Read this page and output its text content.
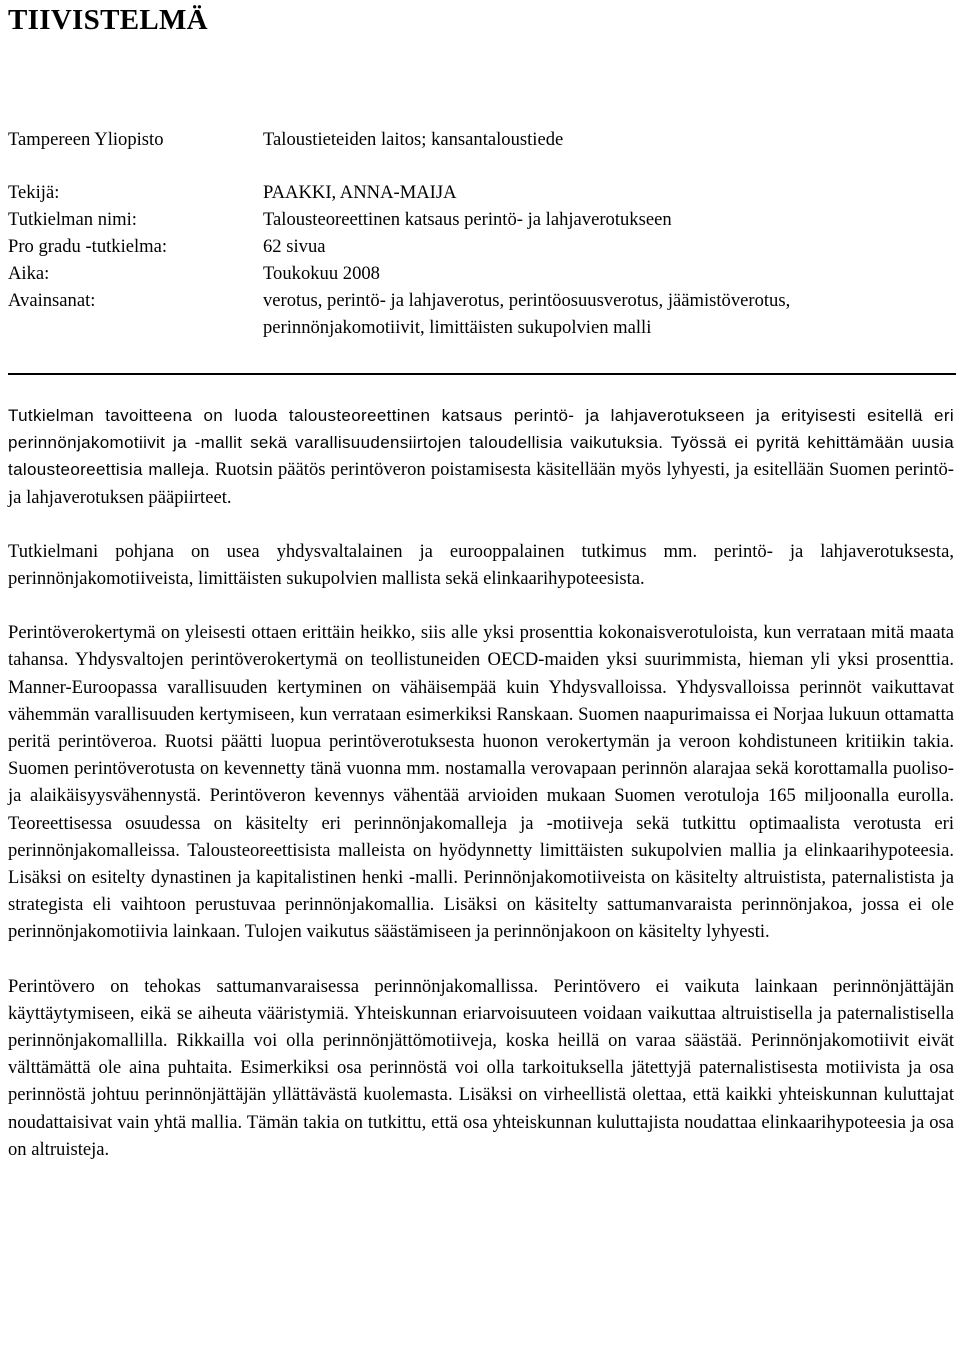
TIIVISTELMÄ
Tampereen Yliopisto	Taloustieteiden laitos; kansantaloustiede
Tekijä:	PAAKKI, ANNA-MAIJA
Tutkielman nimi:	Talousteoreettinen katsaus perintö- ja lahjaverotukseen
Pro gradu -tutkielma:	62 sivua
Aika:	Toukokuu 2008
Avainsanat:	verotus, perintö- ja lahjaverotus, perintöosuusverotus, jäämistöverotus, perinnönjakomotiivit, limittäisten sukupolvien malli

Tutkielman tavoitteena on luoda talousteoreettinen katsaus perintö- ja lahjaverotukseen ja erityisesti esitellä eri perinnönjakomotiivit ja -mallit sekä varallisuudensiirtojen taloudellisia vaikutuksia. Työssä ei pyritä kehittämään uusia talousteoreettisia malleja. Ruotsin päätös perintöveron poistamisesta käsitellään myös lyhyesti, ja esitellään Suomen perintö- ja lahjaverotuksen pääpiirteet.

Tutkielmani pohjana on usea yhdysvaltalainen ja eurooppalainen tutkimus mm. perintö- ja lahjaverotuksesta, perinnönjakomotiiveista, limittäisten sukupolvien mallista sekä elinkaarihypoteesista.

Perintöverokertymä on yleisesti ottaen erittäin heikko, siis alle yksi prosenttia kokonaisverotuloista, kun verrataan mitä maata tahansa. Yhdysvaltojen perintöverokertymä on teollistuneiden OECD-maiden yksi suurimmista, hieman yli yksi prosenttia. Manner-Euroopassa varallisuuden kertyminen on vähäisempää kuin Yhdysvalloissa. Yhdysvalloissa perinnöt vaikuttavat vähemmän varallisuuden kertymiseen, kun verrataan esimerkiksi Ranskaan. Suomen naapurimaissa ei Norjaa lukuun ottamatta peritä perintöveroa. Ruotsi päätti luopua perintöverotuksesta huonon verokertymän ja veroon kohdistuneen kritiikin takia. Suomen perintöverotusta on kevennetty tänä vuonna mm. nostamalla verovapaan perinnön alarajaa sekä korottamalla puoliso- ja alaikäisyysvähennystä. Perintöveron kevennys vähentää arvioiden mukaan Suomen verotuloja 165 miljoonalla eurolla. Teoreettisessa osuudessa on käsitelty eri perinnönjakomalleja ja -motiiveja sekä tutkittu optimaalista verotusta eri perinnönjakomalleissa. Talousteoreettisista malleista on hyödynnetty limittäisten sukupolvien mallia ja elinkaarihypoteesia. Lisäksi on esitelty dynastinen ja kapitalistinen henki -malli. Perinnönjakomotiiveista on käsitelty altruistista, paternalistista ja strategista eli vaihtoon perustuvaa perinnönjakomallia. Lisäksi on käsitelty sattumanvaraista perinnönjakoa, jossa ei ole perinnönjakomotiivia lainkaan. Tulojen vaikutus säästämiseen ja perinnönjakoon on käsitelty lyhyesti.

Perintövero on tehokas sattumanvaraisessa perinnönjakomallissa. Perintövero ei vaikuta lainkaan perinnönjättäjän käyttäytymiseen, eikä se aiheuta vääristymiä. Yhteiskunnan eriarvoisuuteen voidaan vaikuttaa altruistisella ja paternalistisella perinnönjakomallilla. Rikkailla voi olla perinnönjättömotiiveja, koska heillä on varaa säästää. Perinnönjakomotiivit eivät välttämättä ole aina puhtaita. Esimerkiksi osa perinnöstä voi olla tarkoituksella jätettyjä paternalistisesta motiivista ja osa perinnöstä johtuu perinnönjättäjän yllättävästä kuolemasta. Lisäksi on virheellistä olettaa, että kaikki yhteiskunnan kuluttajat noudattaisivat vain yhtä mallia. Tämän takia on tutkittu, että osa yhteiskunnan kuluttajista noudattaa elinkaarihypoteesia ja osa on altruisteja.
